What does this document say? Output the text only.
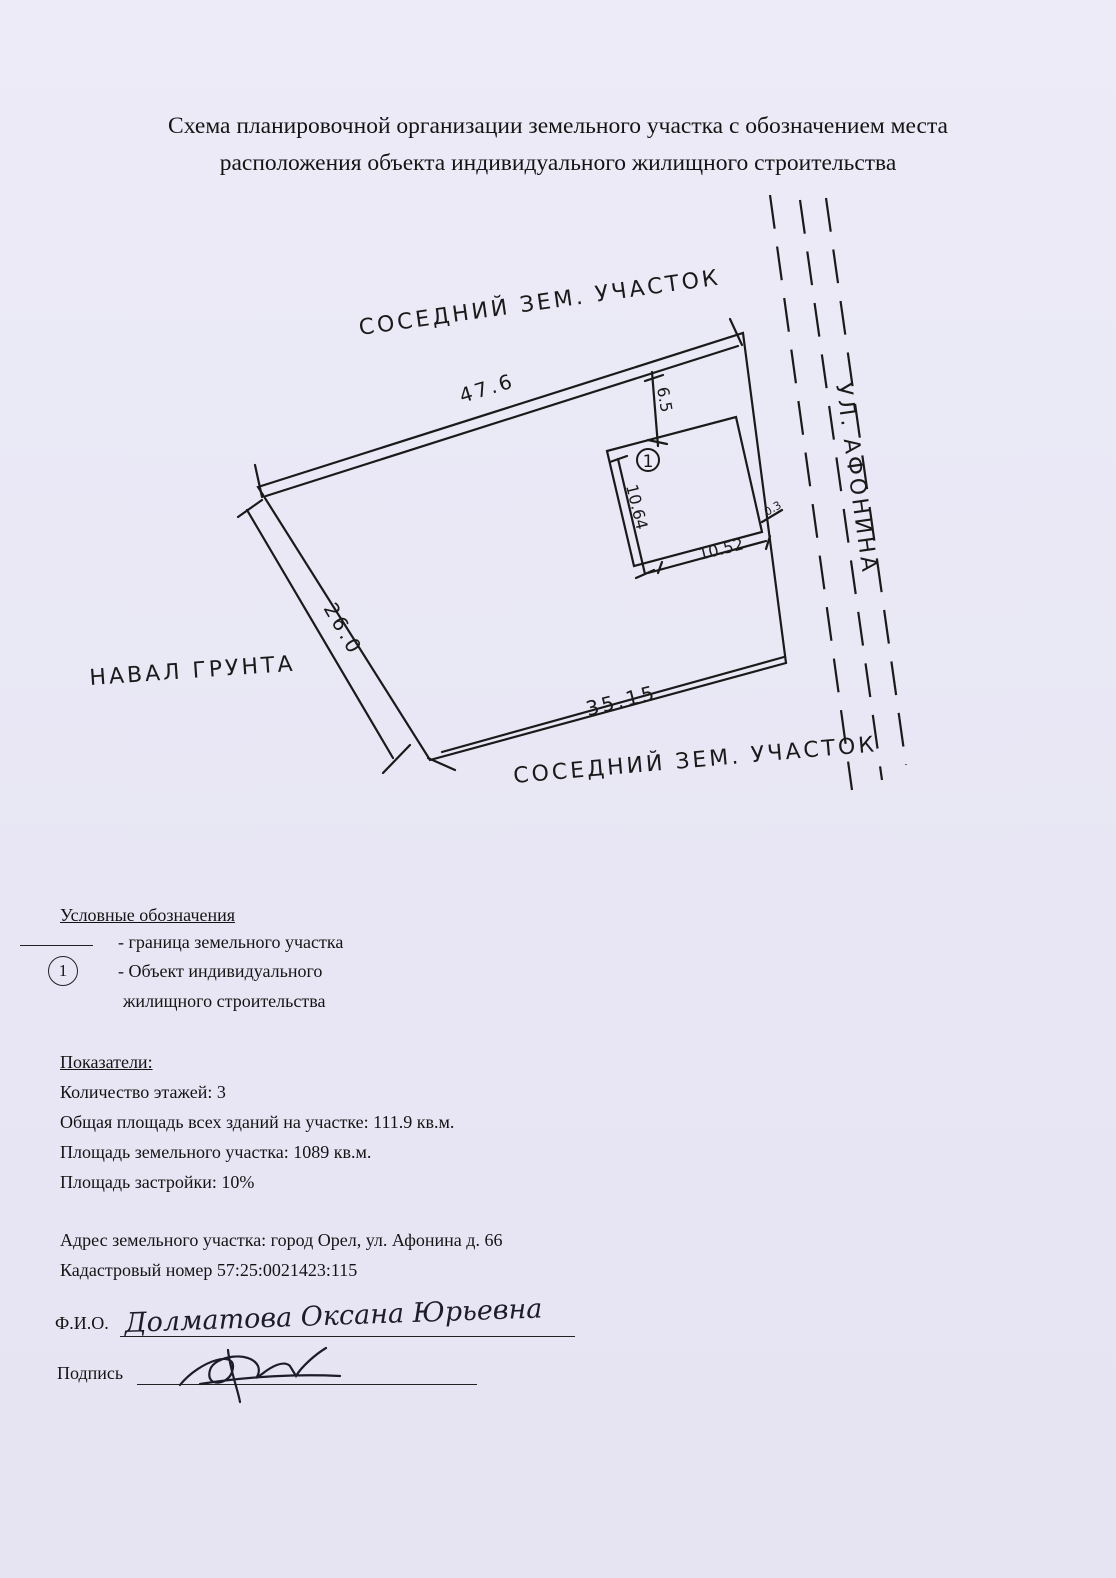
Схема планировочной организации земельного участка с обозначением места
расположения объекта индивидуального жилищного строительства
1
СОСЕДНИЙ ЗЕМ. УЧАСТОК
СОСЕДНИЙ ЗЕМ. УЧАСТОК
НАВАЛ ГРУНТА
УЛ. АФОНИНА
47.6
26.0
35.15
6.5
10.64
10.52
0.3
Условные обозначения
- граница земельного участка
1	- Объект индивидуального
жилищного строительства
Показатели:
Количество этажей: 3
Общая площадь всех зданий на участке: 111.9 кв.м.
Площадь земельного участка: 1089 кв.м.
Площадь застройки: 10%
Адрес земельного участка: город Орел, ул. Афонина д. 66
Кадастровый номер 57:25:0021423:115
Ф.И.О.
Подпись
Долматова Оксана Юрьевна
